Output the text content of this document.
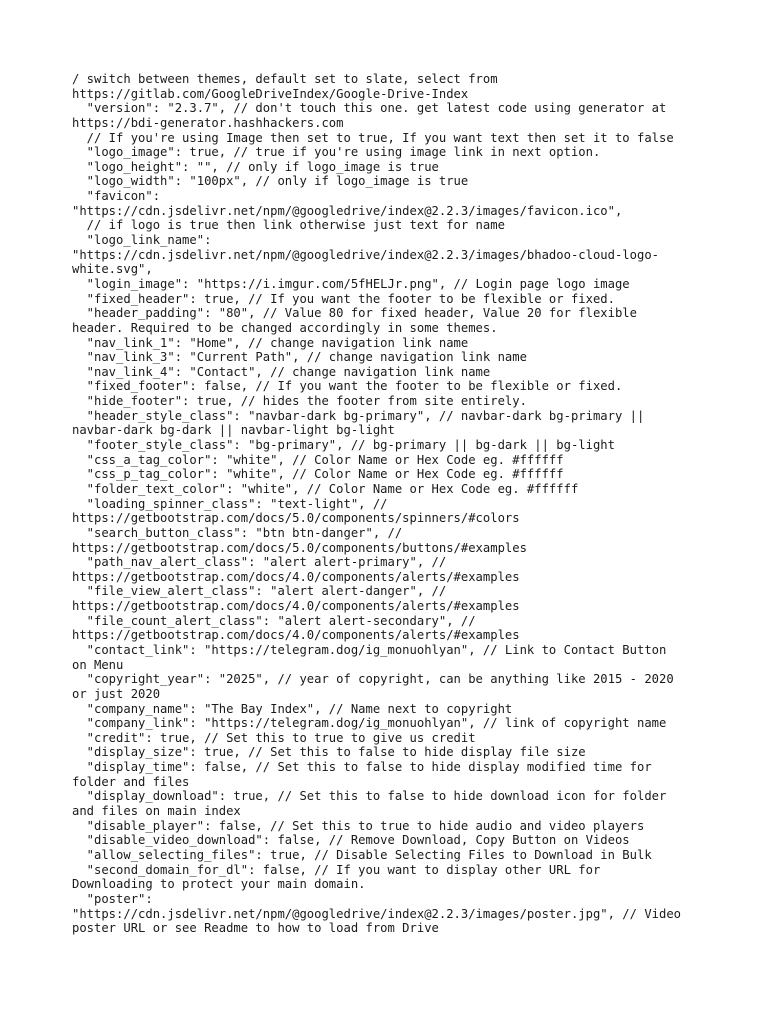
/ switch between themes, default set to slate, select from
https://gitlab.com/GoogleDriveIndex/Google-Drive-Index
"version": "2.3.7", // don't touch this one. get latest code using generator at
https://bdi-generator.hashhackers.com
// If you're using Image then set to true, If you want text then set it to false
"logo_image": true, // true if you're using image link in next option.
"logo_height": "", // only if logo_image is true
"logo_width": "100px", // only if logo_image is true
"favicon":
"https://cdn.jsdelivr.net/npm/@googledrive/index@2.2.3/images/favicon.ico",
// if logo is true then link otherwise just text for name
"logo_link_name":
"https://cdn.jsdelivr.net/npm/@googledrive/index@2.2.3/images/bhadoo-cloud-logo-
white.svg",
"login_image": "https://i.imgur.com/5fHELJr.png", // Login page logo image
"fixed_header": true, // If you want the footer to be flexible or fixed.
"header_padding": "80", // Value 80 for fixed header, Value 20 for flexible
header. Required to be changed accordingly in some themes.
"nav_link_1": "Home", // change navigation link name
"nav_link_3": "Current Path", // change navigation link name
"nav_link_4": "Contact", // change navigation link name
"fixed_footer": false, // If you want the footer to be flexible or fixed.
"hide_footer": true, // hides the footer from site entirely.
"header_style_class": "navbar-dark bg-primary", // navbar-dark bg-primary ||
navbar-dark bg-dark || navbar-light bg-light
"footer_style_class": "bg-primary", // bg-primary || bg-dark || bg-light
"css_a_tag_color": "white", // Color Name or Hex Code eg. #ffffff
"css_p_tag_color": "white", // Color Name or Hex Code eg. #ffffff
"folder_text_color": "white", // Color Name or Hex Code eg. #ffffff
"loading_spinner_class": "text-light", //
https://getbootstrap.com/docs/5.0/components/spinners/#colors
"search_button_class": "btn btn-danger", //
https://getbootstrap.com/docs/5.0/components/buttons/#examples
"path_nav_alert_class": "alert alert-primary", //
https://getbootstrap.com/docs/4.0/components/alerts/#examples
"file_view_alert_class": "alert alert-danger", //
https://getbootstrap.com/docs/4.0/components/alerts/#examples
"file_count_alert_class": "alert alert-secondary", //
https://getbootstrap.com/docs/4.0/components/alerts/#examples
"contact_link": "https://telegram.dog/ig_monuohlyan", // Link to Contact Button
on Menu
"copyright_year": "2025", // year of copyright, can be anything like 2015 - 2020
or just 2020
"company_name": "The Bay Index", // Name next to copyright
"company_link": "https://telegram.dog/ig_monuohlyan", // link of copyright name
"credit": true, // Set this to true to give us credit
"display_size": true, // Set this to false to hide display file size
"display_time": false, // Set this to false to hide display modified time for
folder and files
"display_download": true, // Set this to false to hide download icon for folder
and files on main index
"disable_player": false, // Set this to true to hide audio and video players
"disable_video_download": false, // Remove Download, Copy Button on Videos
"allow_selecting_files": true, // Disable Selecting Files to Download in Bulk
"second_domain_for_dl": false, // If you want to display other URL for
Downloading to protect your main domain.
"poster":
"https://cdn.jsdelivr.net/npm/@googledrive/index@2.2.3/images/poster.jpg", // Video
poster URL or see Readme to how to load from Drive
